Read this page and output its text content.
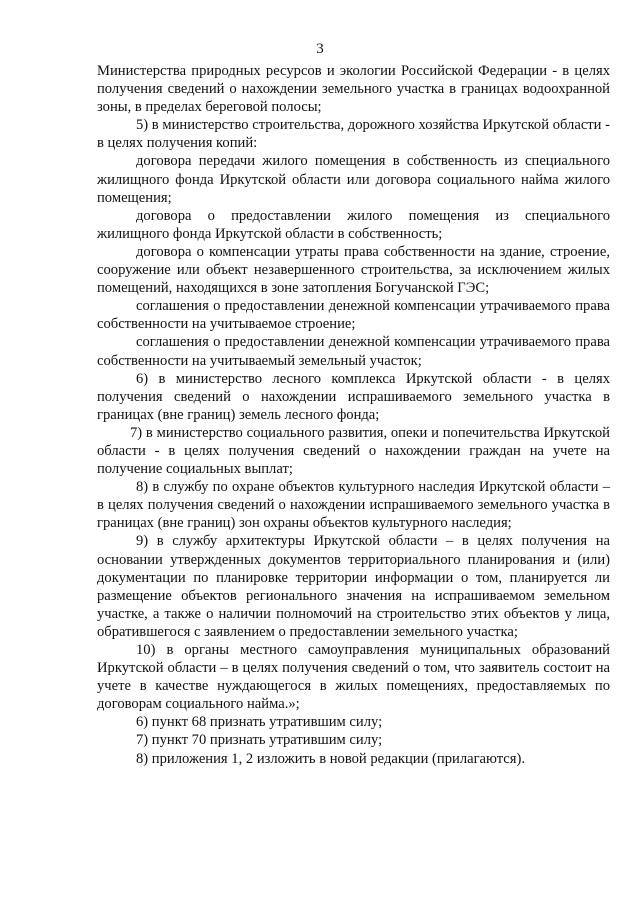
3

Министерства природных ресурсов и экологии Российской Федерации - в целях получения сведений о нахождении земельного участка в границах водоохранной зоны, в пределах береговой полосы;

5) в министерство строительства, дорожного хозяйства Иркутской области - в целях получения копий:

договора передачи жилого помещения в собственность из специального жилищного фонда Иркутской области или договора социального найма жилого помещения;

договора о предоставлении жилого помещения из специального жилищного фонда Иркутской области в собственность;

договора о компенсации утраты права собственности на здание, строение, сооружение или объект незавершенного строительства, за исключением жилых помещений, находящихся в зоне затопления Богучанской ГЭС;

соглашения о предоставлении денежной компенсации утрачиваемого права собственности на учитываемое строение;

соглашения о предоставлении денежной компенсации утрачиваемого права собственности на учитываемый земельный участок;

6) в министерство лесного комплекса Иркутской области - в целях получения сведений о нахождении испрашиваемого земельного участка в границах (вне границ) земель лесного фонда;

7) в министерство социального развития, опеки и попечительства Иркутской области - в целях получения сведений о нахождении граждан на учете на получение социальных выплат;

8) в службу по охране объектов культурного наследия Иркутской области – в целях получения сведений о нахождении испрашиваемого земельного участка в границах (вне границ) зон охраны объектов культурного наследия;

9) в службу архитектуры Иркутской области – в целях получения на основании утвержденных документов территориального планирования и (или) документации по планировке территории информации о том, планируется ли размещение объектов регионального значения на испрашиваемом земельном участке, а также о наличии полномочий на строительство этих объектов у лица, обратившегося с заявлением о предоставлении земельного участка;

10) в органы местного самоуправления муниципальных образований Иркутской области – в целях получения сведений о том, что заявитель состоит на учете в качестве нуждающегося в жилых помещениях, предоставляемых по договорам социального найма.»;

6) пункт 68 признать утратившим силу;

7) пункт 70 признать утратившим силу;

8) приложения 1, 2 изложить в новой редакции (прилагаются).
